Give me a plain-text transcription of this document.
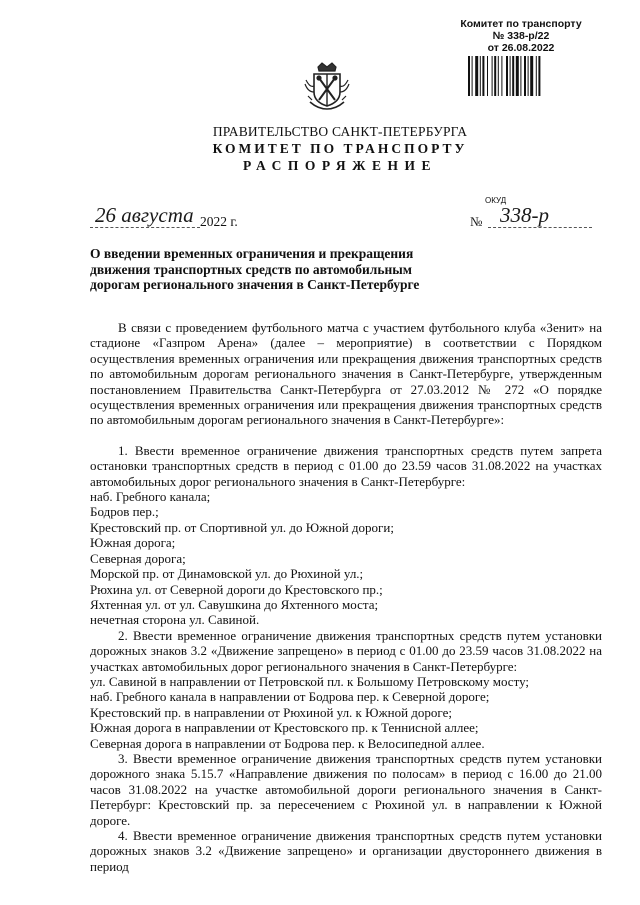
Комитет по транспорту
№ 338-р/22
от 26.08.2022
ПРАВИТЕЛЬСТВО САНКТ-ПЕТЕРБУРГА
КОМИТЕТ ПО ТРАНСПОРТУ
РАСПОРЯЖЕНИЕ
ОКУД
26 августа 2022 г.	№ 338-р
О введении временных ограничения и прекращения движения транспортных средств по автомобильным дорогам регионального значения в Санкт-Петербурге

В связи с проведением футбольного матча с участием футбольного клуба «Зенит» на стадионе «Газпром Арена» (далее – мероприятие) в соответствии с Порядком осуществления временных ограничения или прекращения движения транспортных средств по автомобильным дорогам регионального значения в Санкт-Петербурге, утвержденным постановлением Правительства Санкт-Петербурга от 27.03.2012 № 272 «О порядке осуществления временных ограничения или прекращения движения транспортных средств по автомобильным дорогам регионального значения в Санкт-Петербурге»:

1. Ввести временное ограничение движения транспортных средств путем запрета остановки транспортных средств в период с 01.00 до 23.59 часов 31.08.2022 на участках автомобильных дорог регионального значения в Санкт-Петербурге:

наб. Гребного канала;

Бодров пер.;

Крестовский пр. от Спортивной ул. до Южной дороги;

Южная дорога;

Северная дорога;

Морской пр. от Динамовской ул. до Рюхиной ул.;

Рюхина ул. от Северной дороги до Крестовского пр.;

Яхтенная ул. от ул. Савушкина до Яхтенного моста;

нечетная сторона ул. Савиной.

2. Ввести временное ограничение движения транспортных средств путем установки дорожных знаков 3.2 «Движение запрещено» в период с 01.00 до 23.59 часов 31.08.2022 на участках автомобильных дорог регионального значения в Санкт-Петербурге:

ул. Савиной в направлении от Петровской пл. к Большому Петровскому мосту;

наб. Гребного канала в направлении от Бодрова пер. к Северной дороге;

Крестовский пр. в направлении от Рюхиной ул. к Южной дороге;

Южная дорога в направлении от Крестовского пр. к Теннисной аллее;

Северная дорога в направлении от Бодрова пер. к Велосипедной аллее.

3. Ввести временное ограничение движения транспортных средств путем установки дорожного знака 5.15.7 «Направление движения по полосам» в период с 16.00 до 21.00 часов 31.08.2022 на участке автомобильной дороги регионального значения в Санкт-Петербург: Крестовский пр. за пересечением с Рюхиной ул. в направлении к Южной дороге.

4. Ввести временное ограничение движения транспортных средств путем установки дорожных знаков 3.2 «Движение запрещено» и организации двустороннего движения в период
